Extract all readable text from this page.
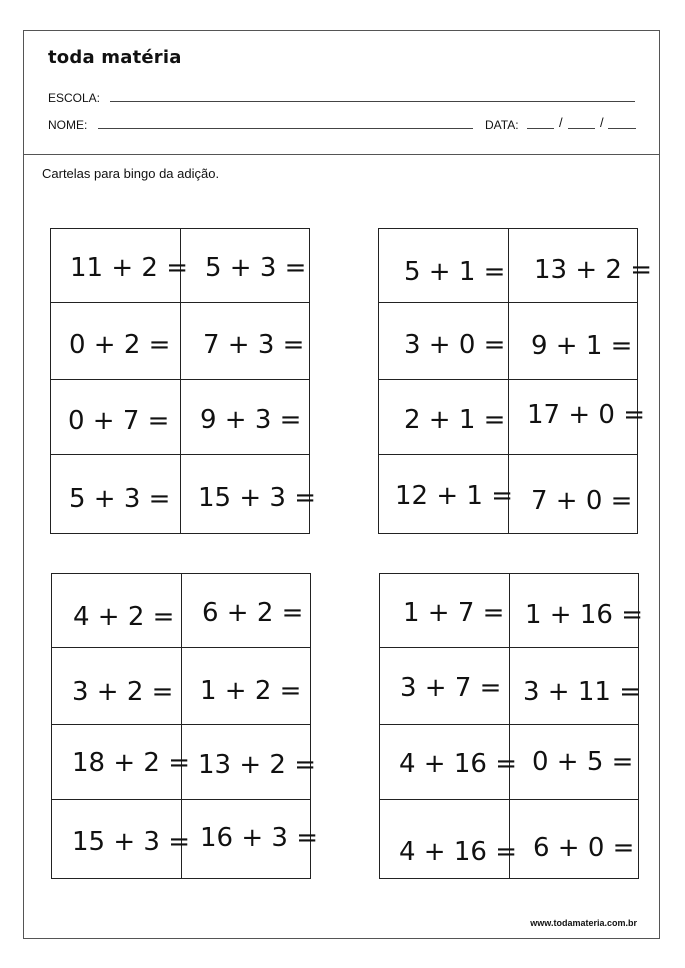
toda matéria
ESCOLA:
NOME:	DATA:	/	/
Cartelas para bingo da adição.
11 + 2 = 5 + 3 =
0 + 2 = 7 + 3 =
0 + 7 = 9 + 3 =
5 + 3 = 15 + 3 =
5 + 1 = 13 + 2 =
3 + 0 = 9 + 1 =
2 + 1 = 17 + 0 =
12 + 1 = 7 + 0 =
4 + 2 = 6 + 2 =
3 + 2 = 1 + 2 =
18 + 2 = 13 + 2 =
15 + 3 = 16 + 3 =
1 + 7 = 1 + 16 =
3 + 7 = 3 + 11 =
4 + 16 = 0 + 5 =
4 + 16 = 6 + 0 =
www.todamateria.com.br
